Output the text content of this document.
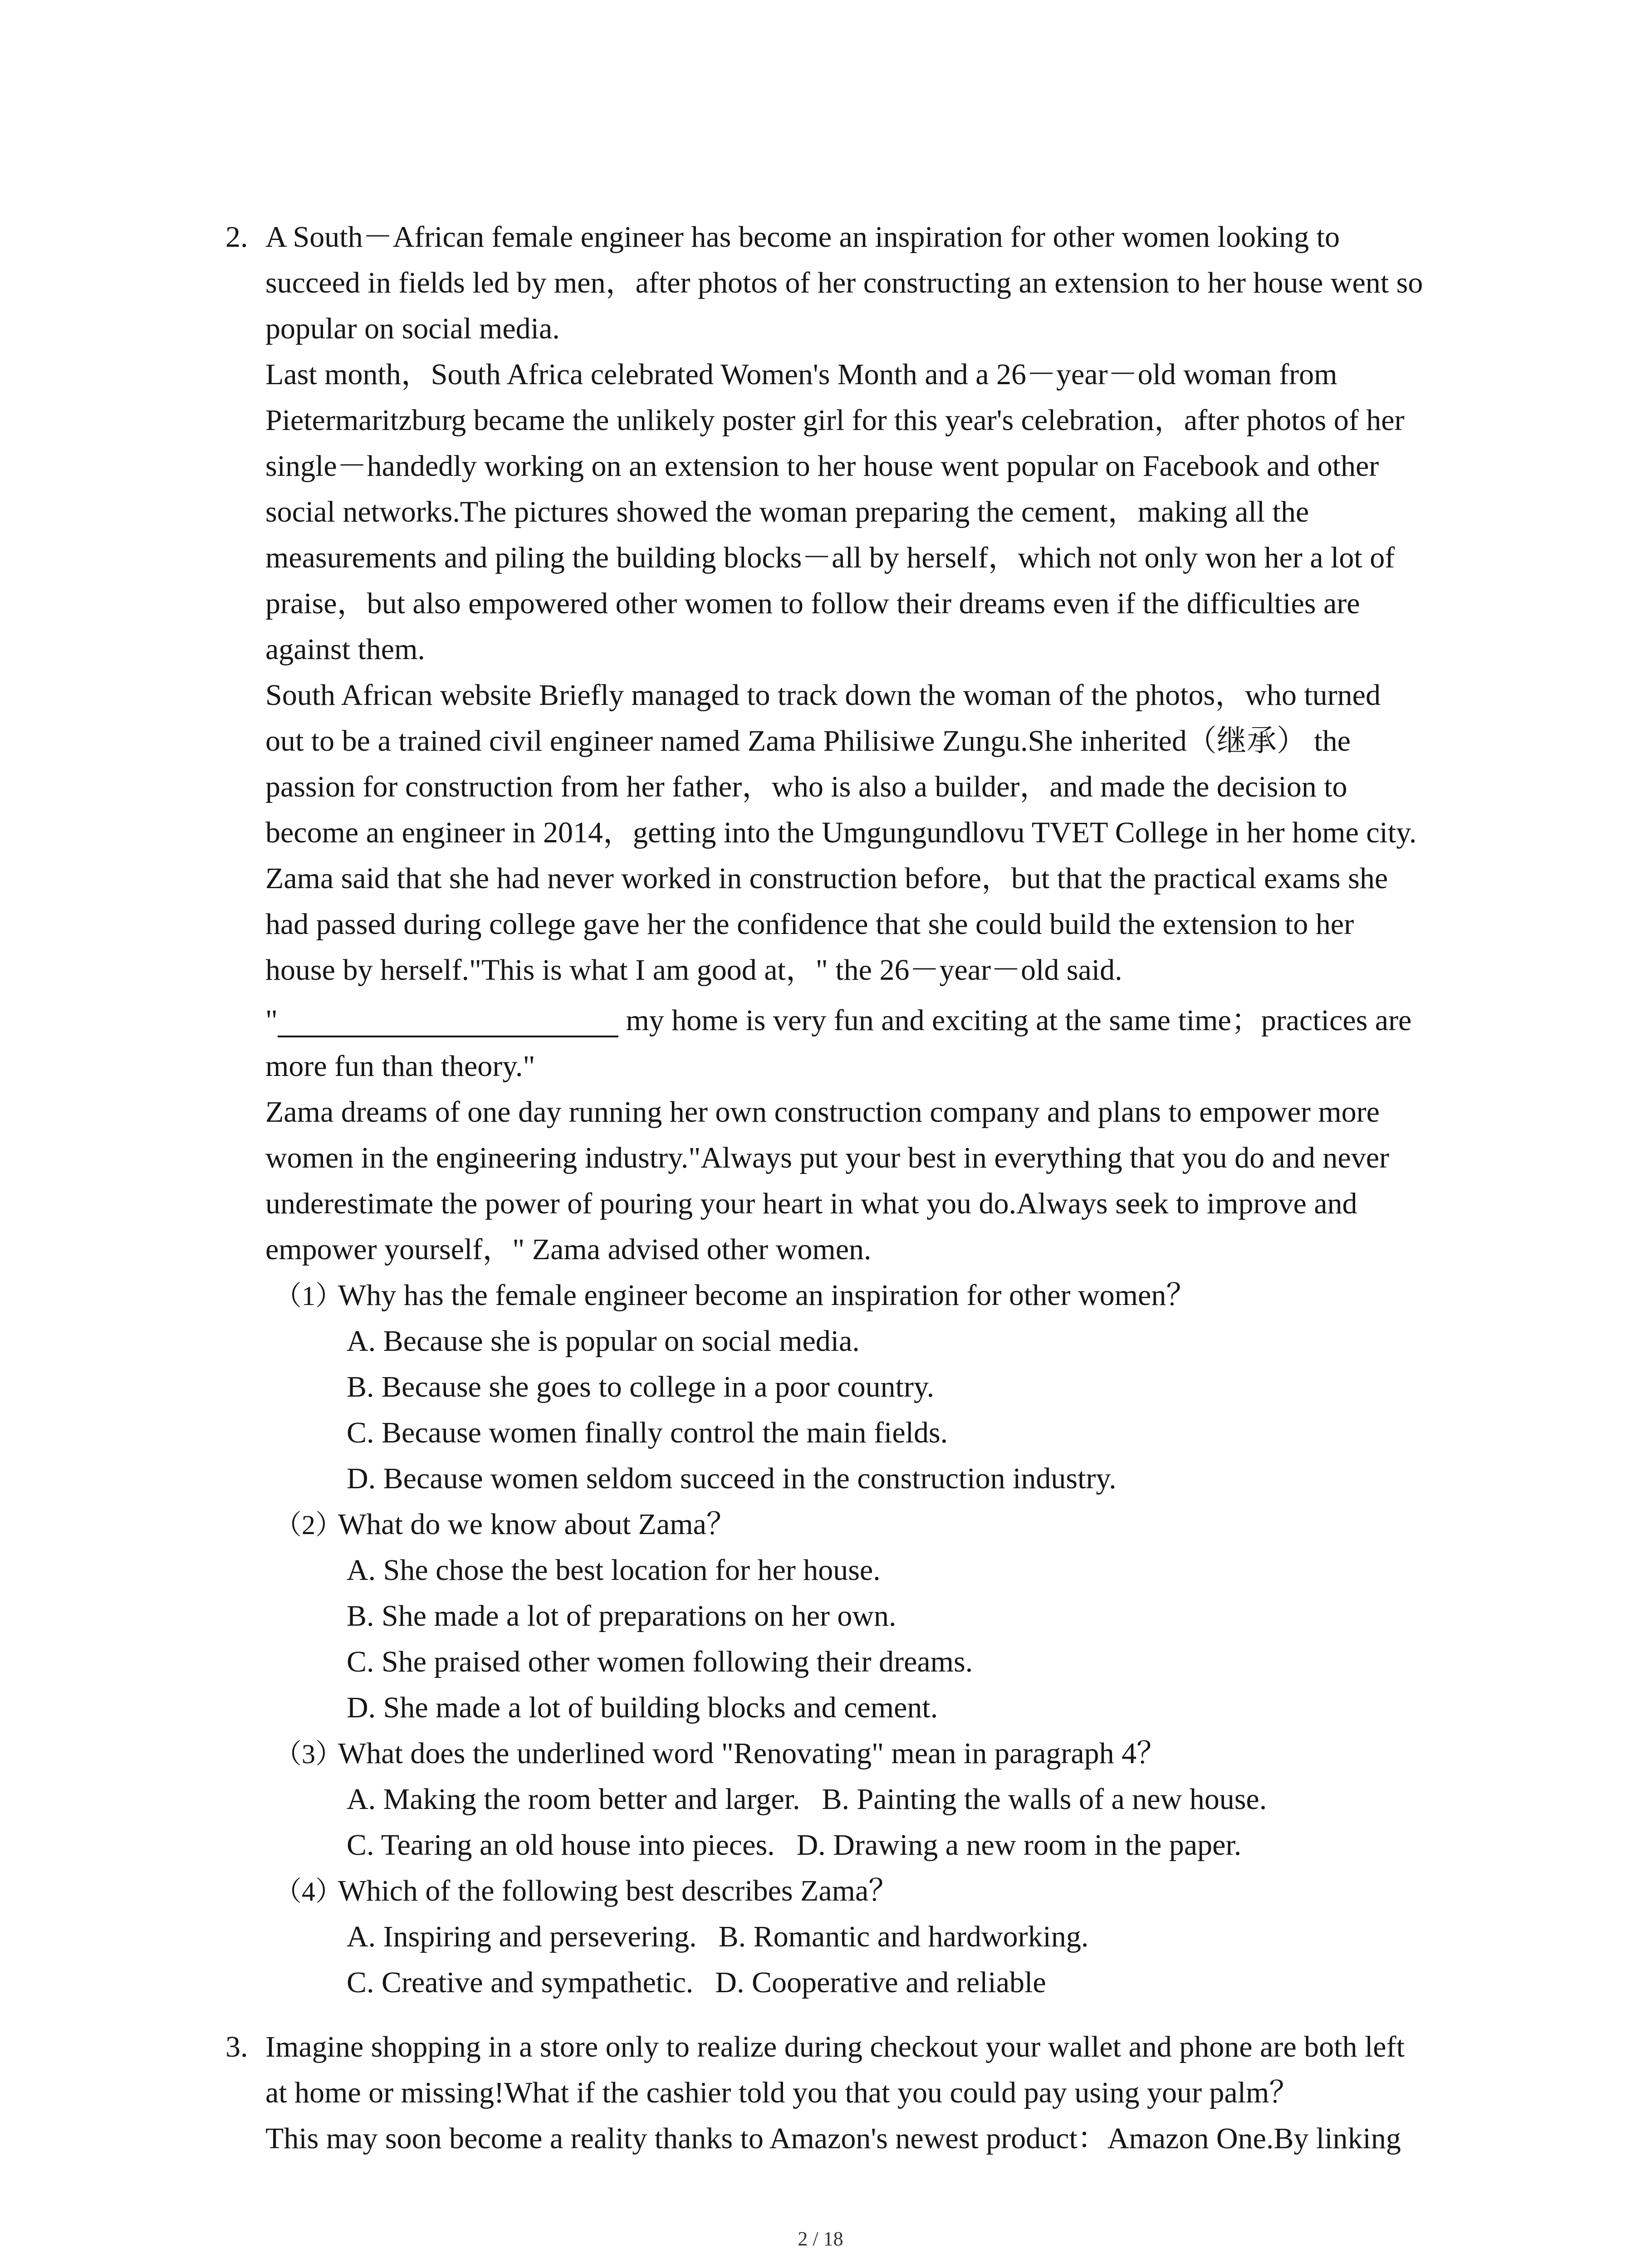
2. A South－African female engineer has become an inspiration for other women looking to
succeed in fields led by men，after photos of her constructing an extension to her house went so
popular on social media.
Last month，South Africa celebrated Women's Month and a 26－year－old woman from
Pietermaritzburg became the unlikely poster girl for this year's celebration，after photos of her
single－handedly working on an extension to her house went popular on Facebook and other
social networks.The pictures showed the woman preparing the cement，making all the
measurements and piling the building blocks－all by herself，which not only won her a lot of
praise，but also empowered other women to follow their dreams even if the difficulties are
against them.
South African website Briefly managed to track down the woman of the photos，who turned
out to be a trained civil engineer named Zama Philisiwe Zungu.She inherited（继承） the
passion for construction from her father，who is also a builder，and made the decision to
become an engineer in 2014，getting into the Umgungundlovu TVET College in her home city.
Zama said that she had never worked in construction before，but that the practical exams she
had passed during college gave her the confidence that she could build the extension to her
house by herself."This is what I am good at，" the 26－year－old said.
"	my home is very fun and exciting at the same time；practices are
more fun than theory."
Zama dreams of one day running her own construction company and plans to empower more
women in the engineering industry."Always put your best in everything that you do and never
underestimate the power of pouring your heart in what you do.Always seek to improve and
empower yourself，" Zama advised other women.
（1）Why has the female engineer become an inspiration for other women？
A. Because she is popular on social media.
B. Because she goes to college in a poor country.
C. Because women finally control the main fields.
D. Because women seldom succeed in the construction industry.
（2）What do we know about Zama？
A. She chose the best location for her house.
B. She made a lot of preparations on her own.
C. She praised other women following their dreams.
D. She made a lot of building blocks and cement.
（3）What does the underlined word "Renovating" mean in paragraph 4？
A. Making the room better and larger. B. Painting the walls of a new house.
C. Tearing an old house into pieces. D. Drawing a new room in the paper.
（4）Which of the following best describes Zama？
A. Inspiring and persevering. B. Romantic and hardworking.
C. Creative and sympathetic. D. Cooperative and reliable
3. Imagine shopping in a store only to realize during checkout your wallet and phone are both left
at home or missing!What if the cashier told you that you could pay using your palm？
This may soon become a reality thanks to Amazon's newest product：Amazon One.By linking
2 / 18
